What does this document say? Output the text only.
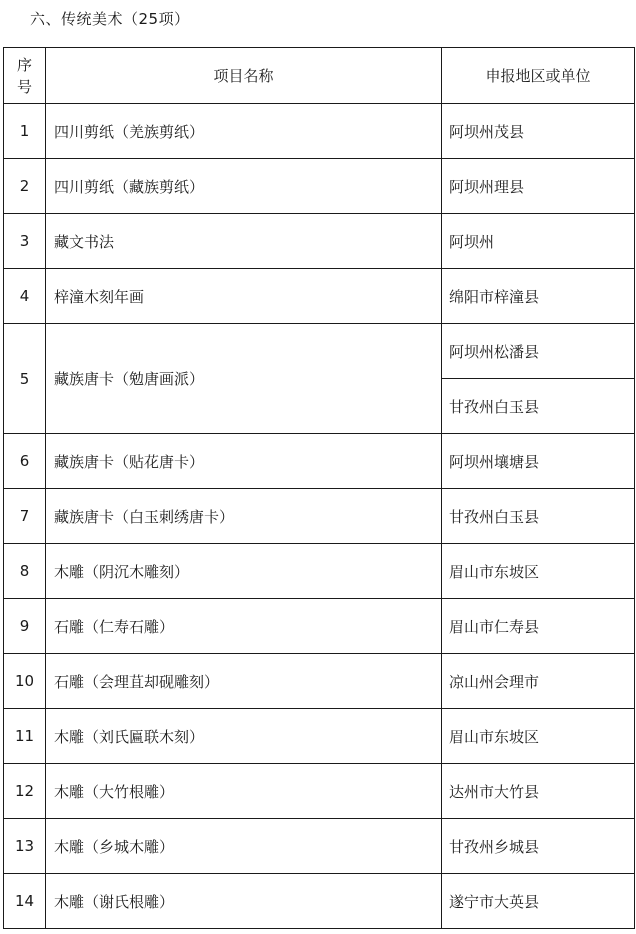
六、传统美术（25项）
序
号	项目名称	申报地区或单位
1	四川剪纸（羌族剪纸）	阿坝州茂县
2	四川剪纸（藏族剪纸）	阿坝州理县
3	藏文书法	阿坝州
4	梓潼木刻年画	绵阳市梓潼县
5	藏族唐卡（勉唐画派）	阿坝州松潘县
		甘孜州白玉县
6	藏族唐卡（贴花唐卡）	阿坝州壤塘县
7	藏族唐卡（白玉刺绣唐卡）	甘孜州白玉县
8	木雕（阴沉木雕刻）	眉山市东坡区
9	石雕（仁寿石雕）	眉山市仁寿县
10	石雕（会理苴却砚雕刻）	凉山州会理市
11	木雕（刘氏匾联木刻）	眉山市东坡区
12	木雕（大竹根雕）	达州市大竹县
13	木雕（乡城木雕）	甘孜州乡城县
14	木雕（谢氏根雕）	遂宁市大英县
